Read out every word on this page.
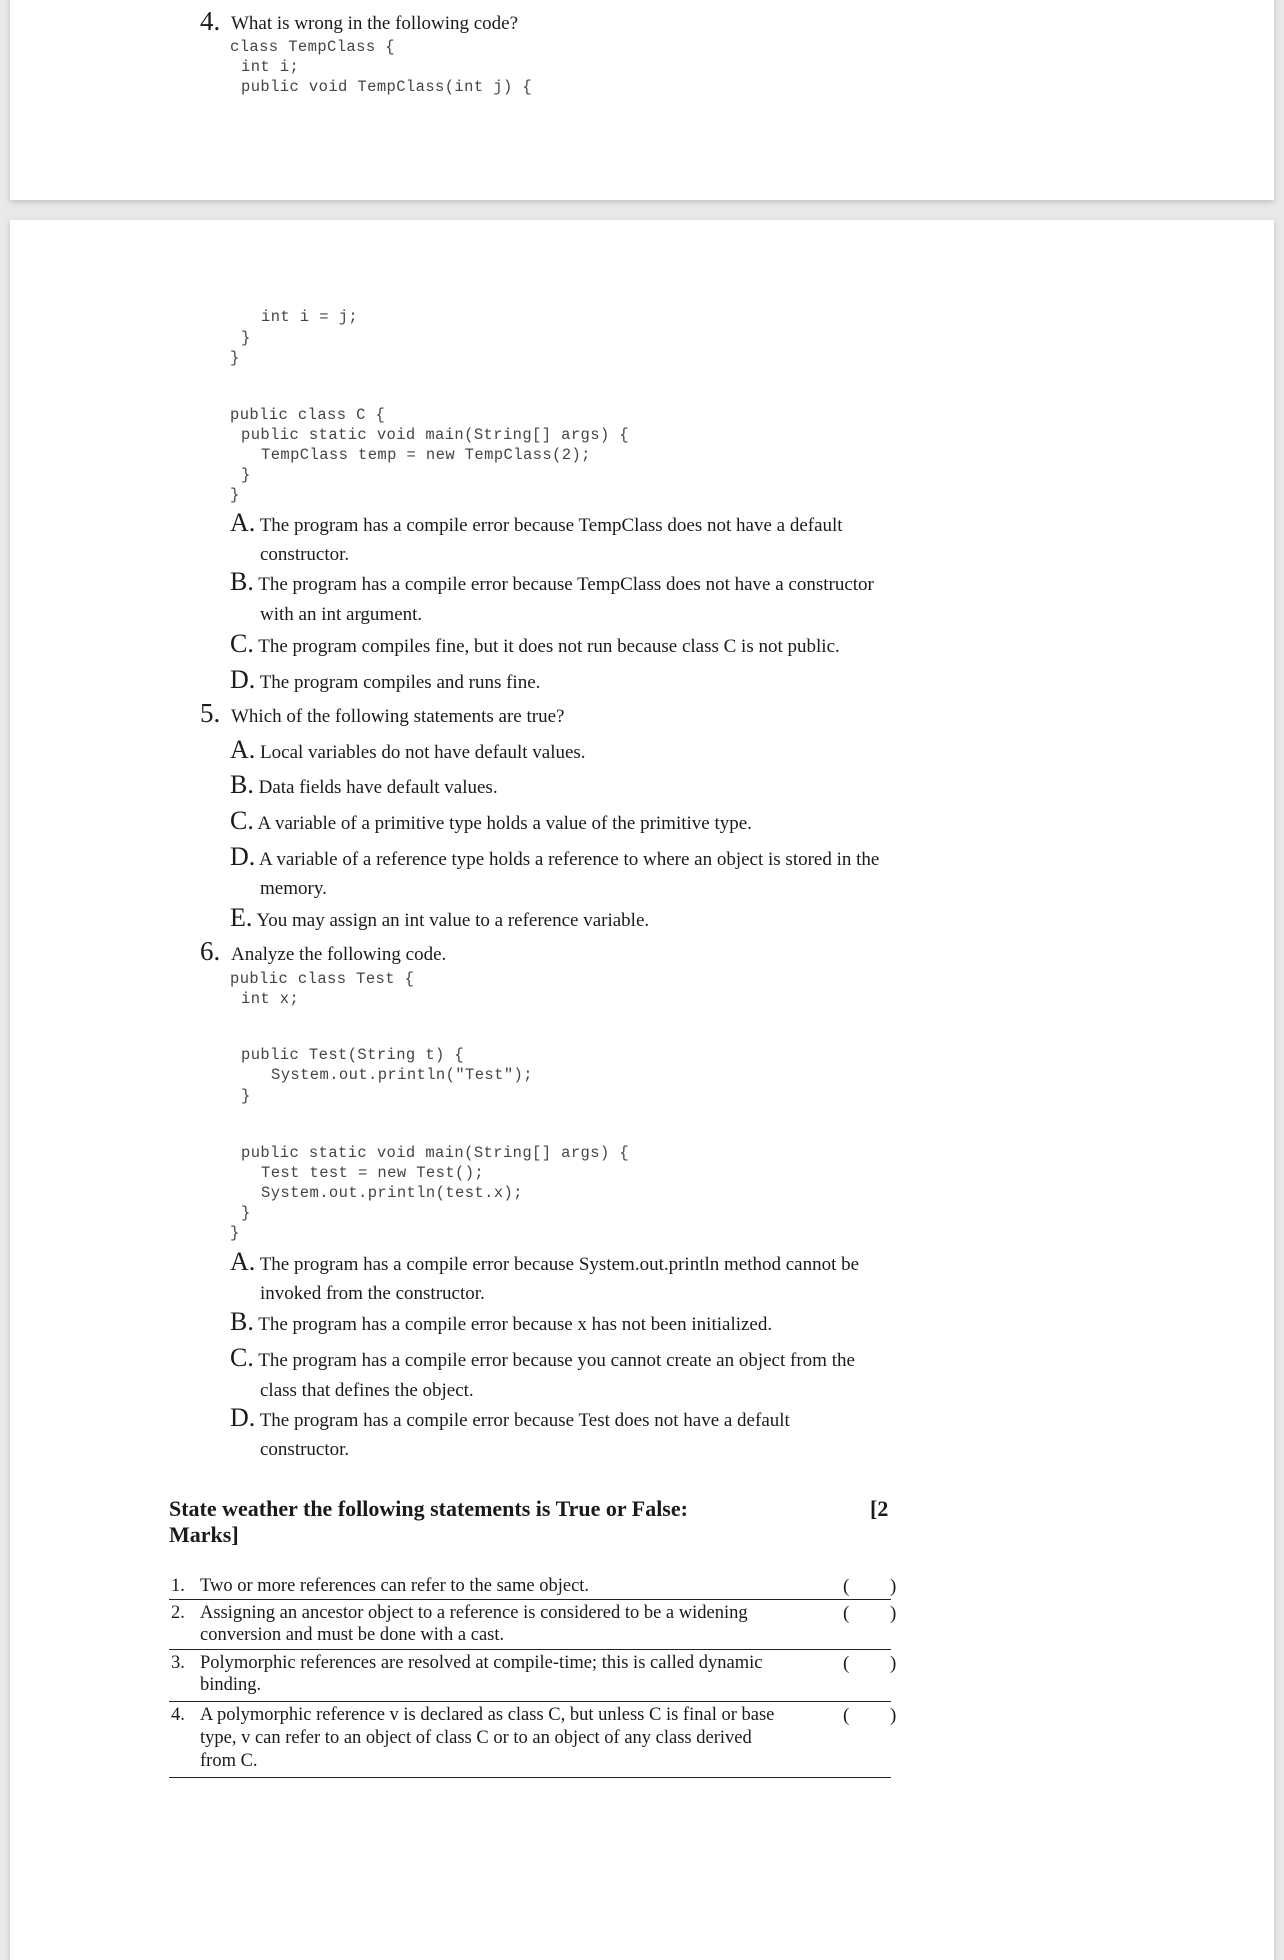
4. What is wrong in the following code?
class TempClass {
int i;
public void TempClass(int j) {
int i = j;
}
}
public class C {
public static void main(String[] args) {
TempClass temp = new TempClass(2);
}
}
A. The program has a compile error because TempClass does not have a default
constructor.
B. The program has a compile error because TempClass does not have a constructor
with an int argument.
C. The program compiles fine, but it does not run because class C is not public.
D. The program compiles and runs fine.
5. Which of the following statements are true?
A. Local variables do not have default values.
B. Data fields have default values.
C. A variable of a primitive type holds a value of the primitive type.
D. A variable of a reference type holds a reference to where an object is stored in the
memory.
E. You may assign an int value to a reference variable.
6. Analyze the following code.
public class Test {
int x;
public Test(String t) {
System.out.println("Test");
}
public static void main(String[] args) {
Test test = new Test();
System.out.println(test.x);
}
}
A. The program has a compile error because System.out.println method cannot be
invoked from the constructor.
B. The program has a compile error because x has not been initialized.
C. The program has a compile error because you cannot create an object from the
class that defines the object.
D. The program has a compile error because Test does not have a default
constructor.
State weather the following statements is True or False:	[2
Marks]
1. Two or more references can refer to the same object.	( )
2. Assigning an ancestor object to a reference is considered to be a widening
conversion and must be done with a cast.
( )
3. Polymorphic references are resolved at compile-time; this is called dynamic
binding.
( )
4. A polymorphic reference v is declared as class C, but unless C is final or base
type, v can refer to an object of class C or to an object of any class derived
from C.
( )
